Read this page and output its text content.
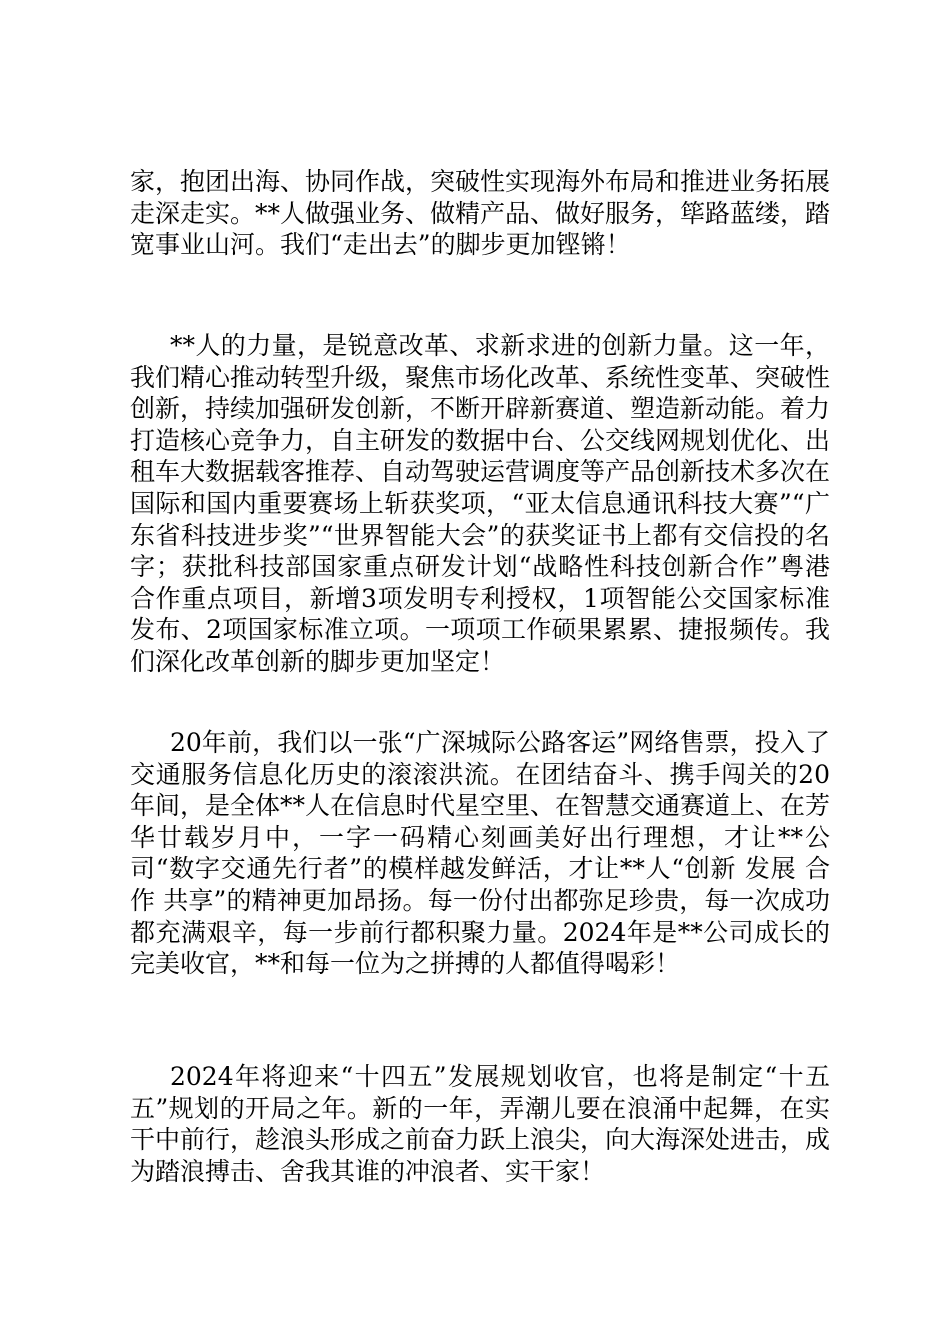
家，抱团出海、协同作战，突破性实现海外布局和推进业务拓展走深走实。**人做强业务、做精产品、做好服务，筚路蓝缕，踏宽事业山河。我们“走出去”的脚步更加铿锵！

**人的力量，是锐意改革、求新求进的创新力量。这一年，我们精心推动转型升级，聚焦市场化改革、系统性变革、突破性创新，持续加强研发创新，不断开辟新赛道、塑造新动能。着力打造核心竞争力，自主研发的数据中台、公交线网规划优化、出租车大数据载客推荐、自动驾驶运营调度等产品创新技术多次在国际和国内重要赛场上斩获奖项，“亚太信息通讯科技大赛”“广东省科技进步奖”“世界智能大会”的获奖证书上都有交信投的名字；获批科技部国家重点研发计划“战略性科技创新合作”粤港合作重点项目，新增3项发明专利授权，1项智能公交国家标准发布、2项国家标准立项。一项项工作硕果累累、捷报频传。我们深化改革创新的脚步更加坚定！

20年前，我们以一张“广深城际公路客运”网络售票，投入了交通服务信息化历史的滚滚洪流。在团结奋斗、携手闯关的20年间，是全体**人在信息时代星空里、在智慧交通赛道上、在芳华廿载岁月中，一字一码精心刻画美好出行理想，才让**公司“数字交通先行者”的模样越发鲜活，才让**人“创新 发展 合作 共享”的精神更加昂扬。每一份付出都弥足珍贵，每一次成功都充满艰辛，每一步前行都积聚力量。2024年是**公司成长的完美收官，**和每一位为之拼搏的人都值得喝彩！

2024年将迎来“十四五”发展规划收官，也将是制定“十五五”规划的开局之年。新的一年，弄潮儿要在浪涌中起舞，在实干中前行，趁浪头形成之前奋力跃上浪尖，向大海深处进击，成为踏浪搏击、舍我其谁的冲浪者、实干家！
